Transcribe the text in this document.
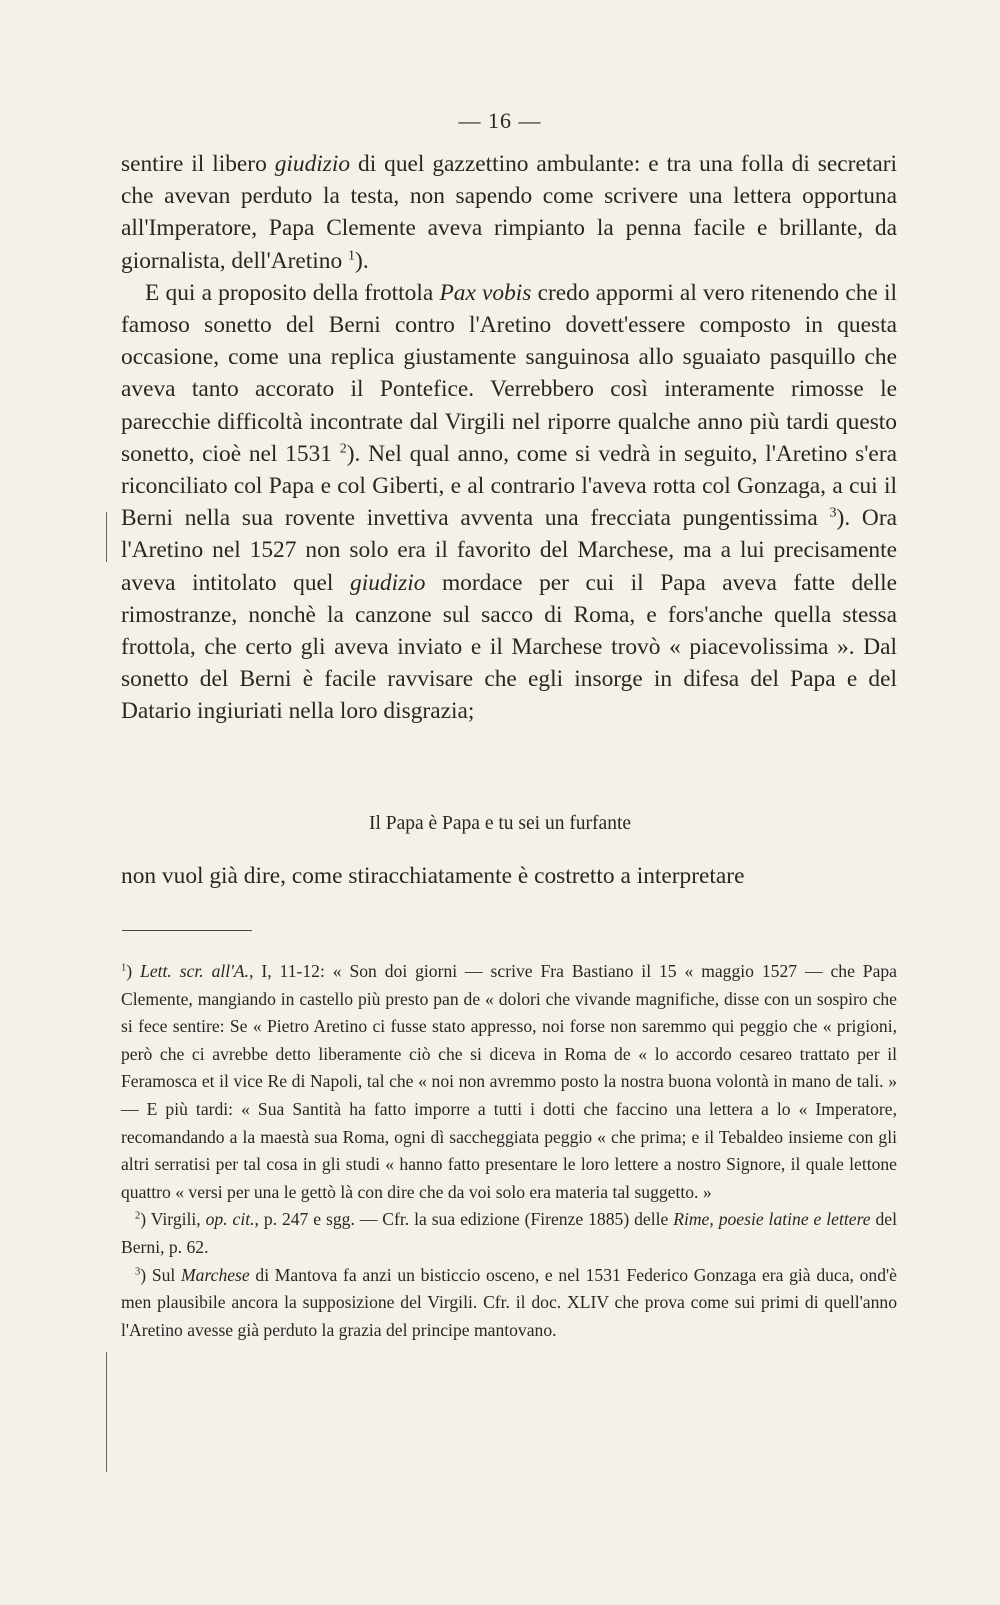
— 16 —

sentire il libero giudizio di quel gazzettino ambulante: e tra una folla di secretari che avevan perduto la testa, non sapendo come scrivere una lettera opportuna all'Imperatore, Papa Clemente aveva rimpianto la penna facile e brillante, da giornalista, dell'Aretino $^1$).

E qui a proposito della frottola Pax vobis credo appormi al vero ritenendo che il famoso sonetto del Berni contro l'Aretino dovett'essere composto in questa occasione, come una replica giustamente sanguinosa allo sguaiato pasquillo che aveva tanto accorato il Pontefice. Verrebbero così interamente rimosse le parecchie difficoltà incontrate dal Virgili nel riporre qualche anno più tardi questo sonetto, cioè nel 1531 $^2$). Nel qual anno, come si vedrà in seguito, l'Aretino s'era riconciliato col Papa e col Giberti, e al contrario l'aveva rotta col Gonzaga, a cui il Berni nella sua rovente invettiva avventa una frecciata pungentissima $^3$). Ora l'Aretino nel 1527 non solo era il favorito del Marchese, ma a lui precisamente aveva intitolato quel giudizio mordace per cui il Papa aveva fatte delle rimostranze, nonchè la canzone sul sacco di Roma, e fors'anche quella stessa frottola, che certo gli aveva inviato e il Marchese trovò « piacevolissima ». Dal sonetto del Berni è facile ravvisare che egli insorge in difesa del Papa e del Datario ingiuriati nella loro disgrazia;

Il Papa è Papa e tu sei un furfante
non vuol già dire, come stiracchiatamente è costretto a interpretare

$^1$) Lett. scr. all'A., I, 11-12: « Son doi giorni — scrive Fra Bastiano il 15 « maggio 1527 — che Papa Clemente, mangiando in castello più presto pan de « dolori che vivande magnifiche, disse con un sospiro che si fece sentire: Se « Pietro Aretino ci fusse stato appresso, noi forse non saremmo qui peggio che « prigioni, però che ci avrebbe detto liberamente ciò che si diceva in Roma de « lo accordo cesareo trattato per il Feramosca et il vice Re di Napoli, tal che « noi non avremmo posto la nostra buona volontà in mano de tali. » — E più tardi: « Sua Santità ha fatto imporre a tutti i dotti che faccino una lettera a lo « Imperatore, recomandando a la maestà sua Roma, ogni dì saccheggiata peggio « che prima; e il Tebaldeo insieme con gli altri serratisi per tal cosa in gli studi « hanno fatto presentare le loro lettere a nostro Signore, il quale lettone quattro « versi per una le gettò là con dire che da voi solo era materia tal suggetto. »

$^2$) Virgili, op. cit., p. 247 e sgg. — Cfr. la sua edizione (Firenze 1885) delle Rime, poesie latine e lettere del Berni, p. 62.

$^3$) Sul Marchese di Mantova fa anzi un bisticcio osceno, e nel 1531 Federico Gonzaga era già duca, ond'è men plausibile ancora la supposizione del Virgili. Cfr. il doc. XLIV che prova come sui primi di quell'anno l'Aretino avesse già perduto la grazia del principe mantovano.
